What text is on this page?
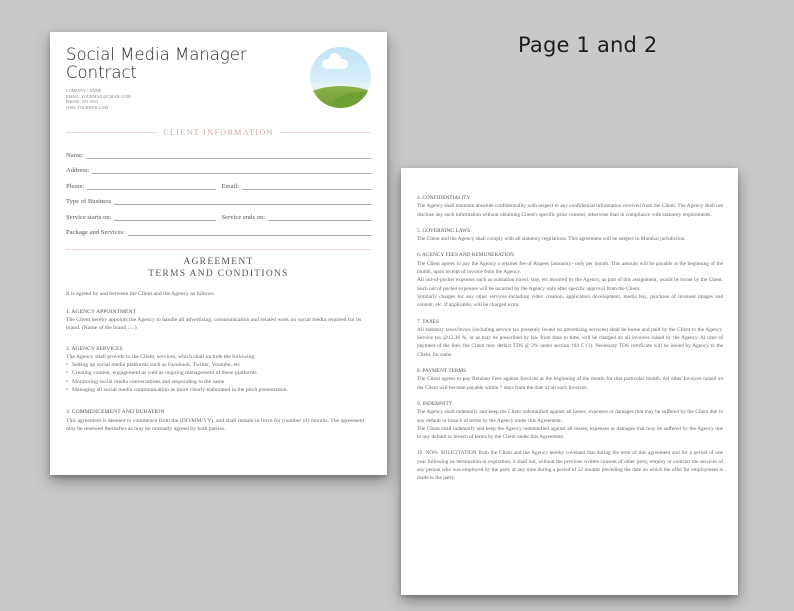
Page 1 and 2
Social Media Manager
Contract
COMPANY / NAME
EMAIL: YOURMAIL@GMAIL.COM
PHONE: 555-5555
WEB: YOURWEB.COM
CLIENT INFORMATION
Name:
Address:
Phone:	Email:
Type of Business
Service starts on:	Service ends on:
Package and Services:
AGREEMENT
TERMS AND CONDITIONS
It is agreed by and between the Client and the Agency as follows:
1. AGENCY APPOINTMENT
The Client hereby appoints the Agency to handle all advertising, communication and related work on social media required for its brand. (Name of the brand .....)
2. AGENCY SERVICES
The Agency shall provide to the Client, services, which shall include the following:
• Setting up social media platforms such as Facebook, Twitter, Youtube, etc
• Creating content, engagement as well as ongoing management of these platforms
• Monitoring social media conversations and responding to the same
• Managing all social media communication as more clearly elaborated in the pitch presentation.
3. COMMENCEMENT AND DURATION
This agreement is deemed to commence from the (DD/MM/YY), and shall remain in force for (number of) months. The agreement may be renewed thereafter as may be mutually agreed by both parties.
4. CONFIDENTIALITY

The Agency shall maintain absolute confidentiality with respect to any confidential information received from the Client. The Agency shall not disclose any such information without obtaining Client's specific prior consent, otherwise than in compliance with statutory requirements.

5. GOVERNING LAWS

The Client and the Agency shall comply with all statutory regulations. This agreement will be subject to Mumbai jurisdiction.

6. AGENCY FEES AND REMUNERATION

The Client agrees to pay the Agency a retainer fee of Rupees (amount)/- only per month. This amount will be payable at the beginning of the month, upon receipt of invoice from the Agency.

All out-of-pocket expenses such as outstation travel, stay, etc incurred by the Agency, as part of this assignment, would be borne by the Client. Such out of pocket expenses will be incurred by the Agency only after specific approval from the Client.

Similarly charges for any other services including video creation, application development, media buy, purchase of licensed images and content, etc. if applicable, will be charged extra.

7. TAXES

All statutory taxes/levies (including service tax presently levied on advertising services) shall be borne and paid by the Client to the Agency. Service tax @12.36 %, or as may be prescribed by law from time to time, will be charged on all invoices raised by the Agency. At time of payment of the fees, the Client may deduct TDS @ 2% under section 194 C (1). Necessary TDS certificate will be issued by Agency to the Client, for same.

8. PAYMENT TERMS

The Client agrees to pay Retainer Fees against Invoices at the beginning of the month for that particular month. All other Invoices raised on the Client will become payable within 7 days from the date of all such Invoices.

9. INDEMNITY

The Agency shall indemnify and keep the Client indemnified against all losses, expenses or damages that may be suffered by the Client due to any default or breach of terms by the Agency under this Agreement.

The Client shall indemnify and keep the Agency indemnified against all losses, expenses or damages that may be suffered by the Agency due to any default or breach of terms by the Client under this Agreement.

10. NON- SOLICITATION Both the Client and the Agency hereby covenant that during the term of this agreement and for a period of one year following its termination or expiration, it shall not, without the previous written consent of other party, employ or contract the services of any person who was employed by the party at any time during a period of 12 months preceding the date on which the offer for employment is made to the party.
